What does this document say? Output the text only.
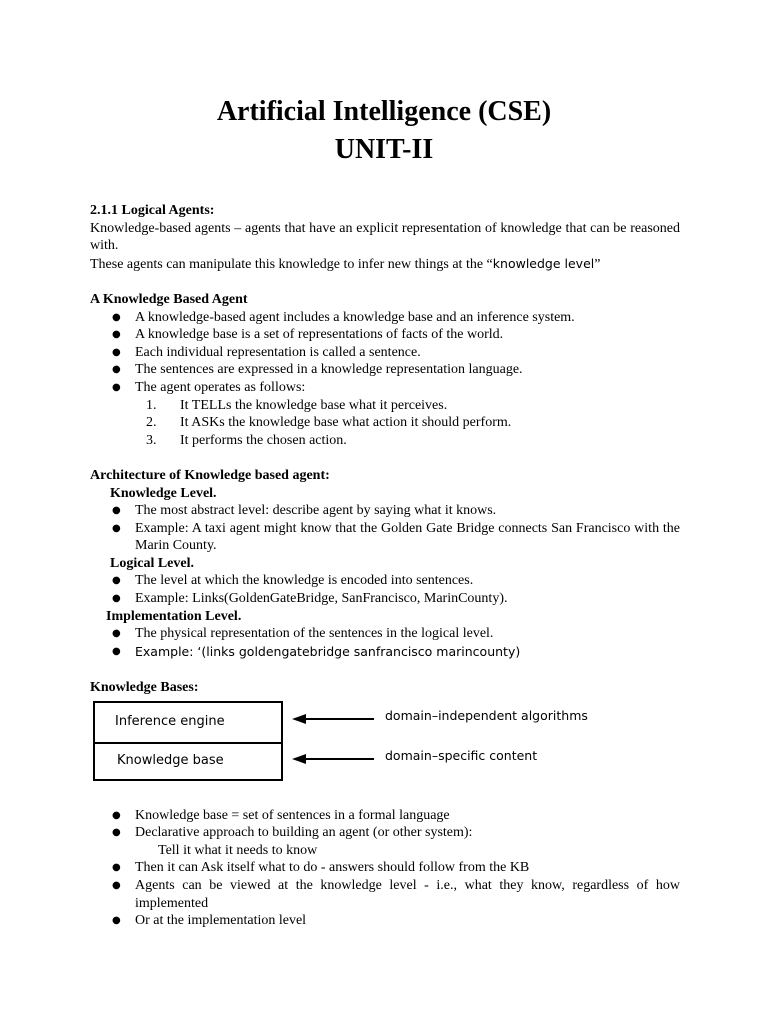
Artificial Intelligence (CSE)
UNIT-II

2.1.1 Logical Agents:

Knowledge-based agents – agents that have an explicit representation of knowledge that can be reasoned with.

These agents can manipulate this knowledge to infer new things at the “knowledge level”

A Knowledge Based Agent

● A knowledge-based agent includes a knowledge base and an inference system.
● A knowledge base is a set of representations of facts of the world.
● Each individual representation is called a sentence.
● The sentences are expressed in a knowledge representation language.
● The agent operates as follows:
1. It TELLs the knowledge base what it perceives.
2. It ASKs the knowledge base what action it should perform.
3. It performs the chosen action.

Architecture of Knowledge based agent:

Knowledge Level.

● The most abstract level: describe agent by saying what it knows.
● Example: A taxi agent might know that the Golden Gate Bridge connects San Francisco with the Marin County.

Logical Level.

● The level at which the knowledge is encoded into sentences.
● Example: Links(GoldenGateBridge, SanFrancisco, MarinCounty).

Implementation Level.

● The physical representation of the sentences in the logical level.
● Example: ‘(links goldengatebridge sanfrancisco marincounty)

Knowledge Bases:

Inference engine
Knowledge base
domain–independent algorithms
domain–specific content
● Knowledge base = set of sentences in a formal language
● Declarative approach to building an agent (or other system):

Tell it what it needs to know

● Then it can Ask itself what to do - answers should follow from the KB
● Agents can be viewed at the knowledge level - i.e., what they know, regardless of how implemented
● Or at the implementation level
